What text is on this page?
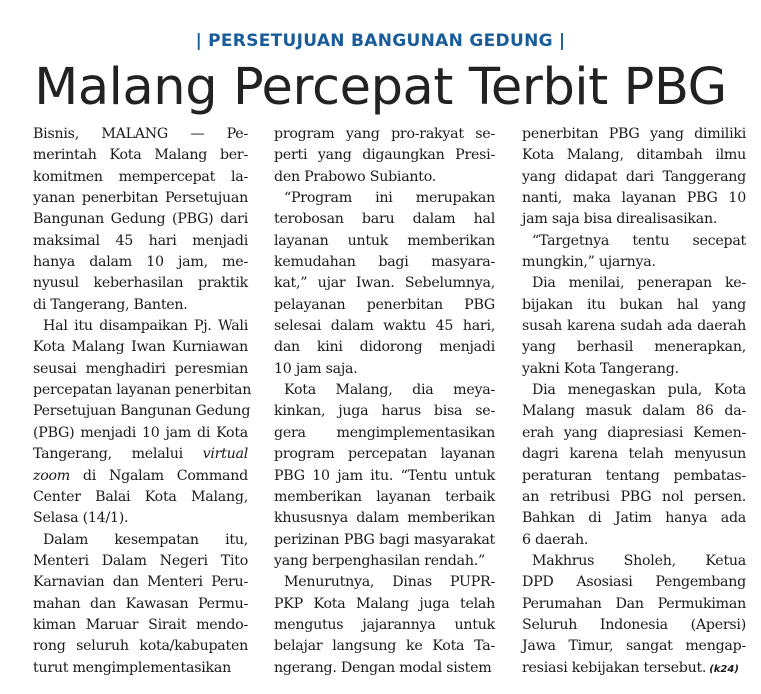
| PERSETUJUAN BANGUNAN GEDUNG |
Malang Percepat Terbit PBG
Bisnis, MALANG — Pe-
merintah Kota Malang ber-
komitmen mempercepat la-
yanan penerbitan Persetujuan
Bangunan Gedung (PBG) dari
maksimal 45 hari menjadi
hanya dalam 10 jam, me-
nyusul keberhasilan praktik
di Tangerang, Banten.
Hal itu disampaikan Pj. Wali
Kota Malang Iwan Kurniawan
seusai menghadiri peresmian
percepatan layanan penerbitan
Persetujuan Bangunan Gedung
(PBG) menjadi 10 jam di Kota
Tangerang, melalui virtual
zoom di Ngalam Command
Center Balai Kota Malang,
Selasa (14/1).
Dalam kesempatan itu,
Menteri Dalam Negeri Tito
Karnavian dan Menteri Peru-
mahan dan Kawasan Permu-
kiman Maruar Sirait mendo-
rong seluruh kota/kabupaten
turut mengimplementasikan
program yang pro-rakyat se-
perti yang digaungkan Presi-
den Prabowo Subianto.
“Program ini merupakan
terobosan baru dalam hal
layanan untuk memberikan
kemudahan bagi masyara-
kat,” ujar Iwan. Sebelumnya,
pelayanan penerbitan PBG
selesai dalam waktu 45 hari,
dan kini didorong menjadi
10 jam saja.
Kota Malang, dia meya-
kinkan, juga harus bisa se-
gera mengimplementasikan
program percepatan layanan
PBG 10 jam itu. “Tentu untuk
memberikan layanan terbaik
khususnya dalam memberikan
perizinan PBG bagi masyarakat
yang berpenghasilan rendah.”
Menurutnya, Dinas PUPR-
PKP Kota Malang juga telah
mengutus jajarannya untuk
belajar langsung ke Kota Ta-
ngerang. Dengan modal sistem
penerbitan PBG yang dimiliki
Kota Malang, ditambah ilmu
yang didapat dari Tanggerang
nanti, maka layanan PBG 10
jam saja bisa direalisasikan.
“Targetnya tentu secepat
mungkin,” ujarnya.
Dia menilai, penerapan ke-
bijakan itu bukan hal yang
susah karena sudah ada daerah
yang berhasil menerapkan,
yakni Kota Tangerang.
Dia menegaskan pula, Kota
Malang masuk dalam 86 da-
erah yang diapresiasi Kemen-
dagri karena telah menyusun
peraturan tentang pembatas-
an retribusi PBG nol persen.
Bahkan di Jatim hanya ada
6 daerah.
Makhrus Sholeh, Ketua
DPD Asosiasi Pengembang
Perumahan Dan Permukiman
Seluruh Indonesia (Apersi)
Jawa Timur, sangat mengap-
resiasi kebijakan tersebut. (k24)
